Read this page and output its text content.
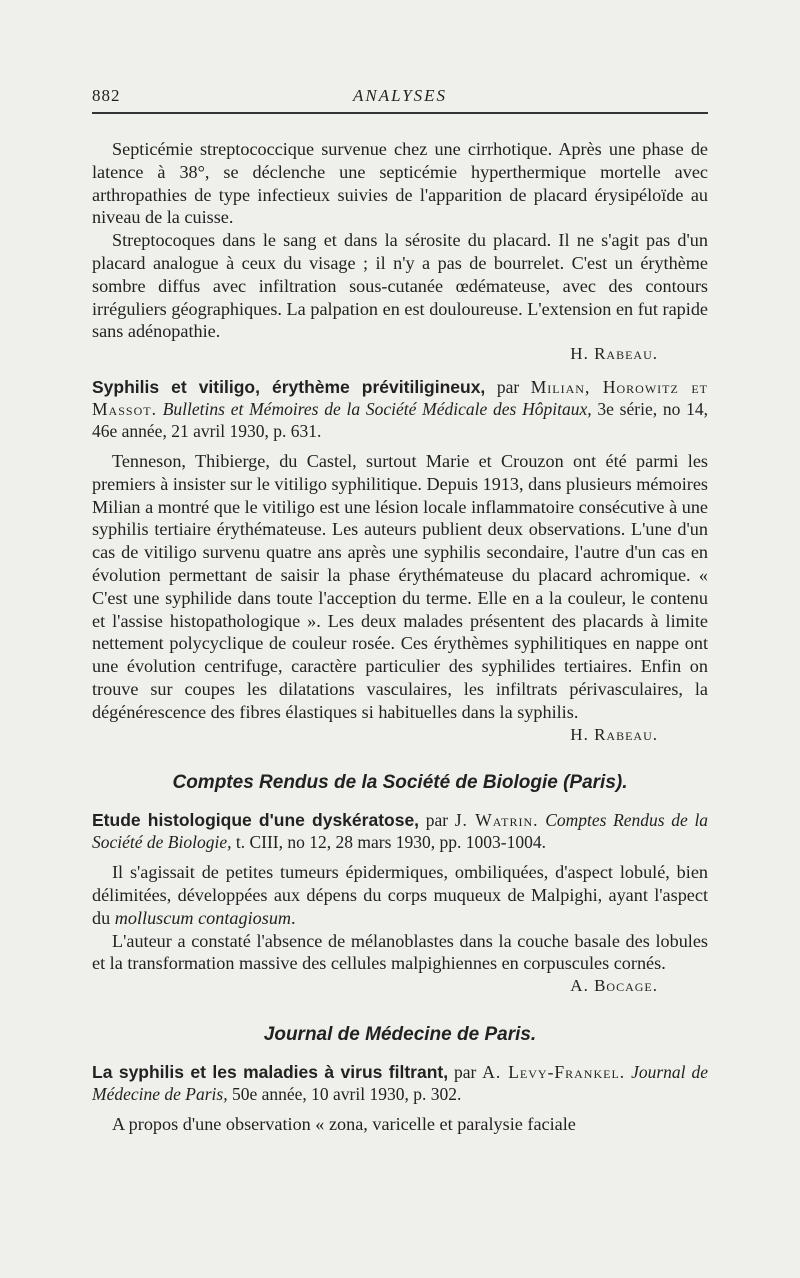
882	ANALYSES

Septicémie streptococcique survenue chez une cirrhotique. Après une phase de latence à 38°, se déclenche une septicémie hyperthermique mortelle avec arthropathies de type infectieux suivies de l'apparition de placard érysipéloïde au niveau de la cuisse.

Streptocoques dans le sang et dans la sérosite du placard. Il ne s'agit pas d'un placard analogue à ceux du visage ; il n'y a pas de bourrelet. C'est un érythème sombre diffus avec infiltration sous-cutanée œdémateuse, avec des contours irréguliers géographiques. La palpation en est douloureuse. L'extension en fut rapide sans adénopathie.

H. Rabeau.
Syphilis et vitiligo, érythème prévitiligineux, par Milian, Horowitz et Massot. Bulletins et Mémoires de la Société Médicale des Hôpitaux, 3e série, no 14, 46e année, 21 avril 1930, p. 631.

Tenneson, Thibierge, du Castel, surtout Marie et Crouzon ont été parmi les premiers à insister sur le vitiligo syphilitique. Depuis 1913, dans plusieurs mémoires Milian a montré que le vitiligo est une lésion locale inflammatoire consécutive à une syphilis tertiaire érythémateuse. Les auteurs publient deux observations. L'une d'un cas de vitiligo survenu quatre ans après une syphilis secondaire, l'autre d'un cas en évolution permettant de saisir la phase érythémateuse du placard achromique. « C'est une syphilide dans toute l'acception du terme. Elle en a la couleur, le contenu et l'assise histopathologique ». Les deux malades présentent des placards à limite nettement polycyclique de couleur rosée. Ces érythèmes syphilitiques en nappe ont une évolution centrifuge, caractère particulier des syphilides tertiaires. Enfin on trouve sur coupes les dilatations vasculaires, les infiltrats périvasculaires, la dégénérescence des fibres élastiques si habituelles dans la syphilis.

H. Rabeau.
Comptes Rendus de la Société de Biologie (Paris).
Etude histologique d'une dyskératose, par J. Watrin. Comptes Rendus de la Société de Biologie, t. CIII, no 12, 28 mars 1930, pp. 1003-1004.

Il s'agissait de petites tumeurs épidermiques, ombiliquées, d'aspect lobulé, bien délimitées, développées aux dépens du corps muqueux de Malpighi, ayant l'aspect du molluscum contagiosum.

L'auteur a constaté l'absence de mélanoblastes dans la couche basale des lobules et la transformation massive des cellules malpighiennes en corpuscules cornés.

A. Bocage.
Journal de Médecine de Paris.
La syphilis et les maladies à virus filtrant, par A. Levy-Frankel. Journal de Médecine de Paris, 50e année, 10 avril 1930, p. 302.

A propos d'une observation « zona, varicelle et paralysie faciale
